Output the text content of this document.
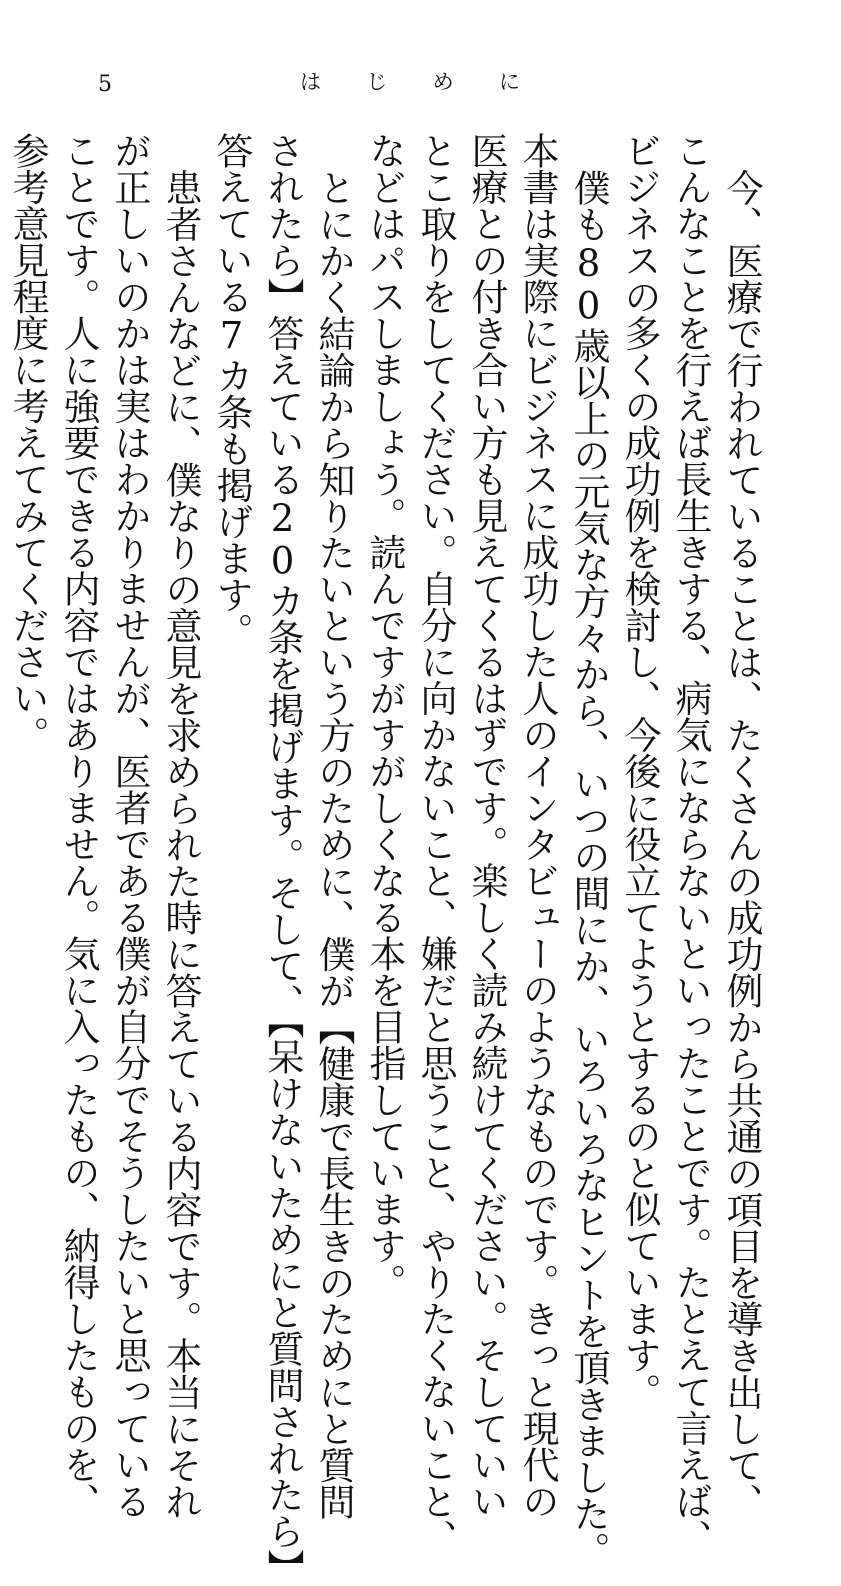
5	は じ め に
今、医療で行われていることは、たくさんの成功例から共通の項目を導き出して、
こんなことを行えば長生きする、病気にならないといったことです。たとえて言えば、
ビジネスの多くの成功例を検討し、今後に役立てようとするのと似ています。
僕も80歳以上の元気な方々から、いつの間にか、いろいろなヒントを頂きました。
本書は実際にビジネスに成功した人のインタビューのようなものです。きっと現代の
医療との付き合い方も見えてくるはずです。楽しく読み続けてください。そしていい
とこ取りをしてください。自分に向かないこと、嫌だと思うこと、やりたくないこと、
などはパスしましょう。読んですがすがしくなる本を目指しています。
とにかく結論から知りたいという方のために、僕が【健康で長生きのためにと質問
されたら】答えている20カ条を掲げます。そして、【呆けないためにと質問されたら】
答えている7カ条も掲げます。
患者さんなどに、僕なりの意見を求められた時に答えている内容です。本当にそれ
が正しいのかは実はわかりませんが、医者である僕が自分でそうしたいと思っている
ことです。人に強要できる内容ではありません。気に入ったもの、納得したものを、
参考意見程度に考えてみてください。
